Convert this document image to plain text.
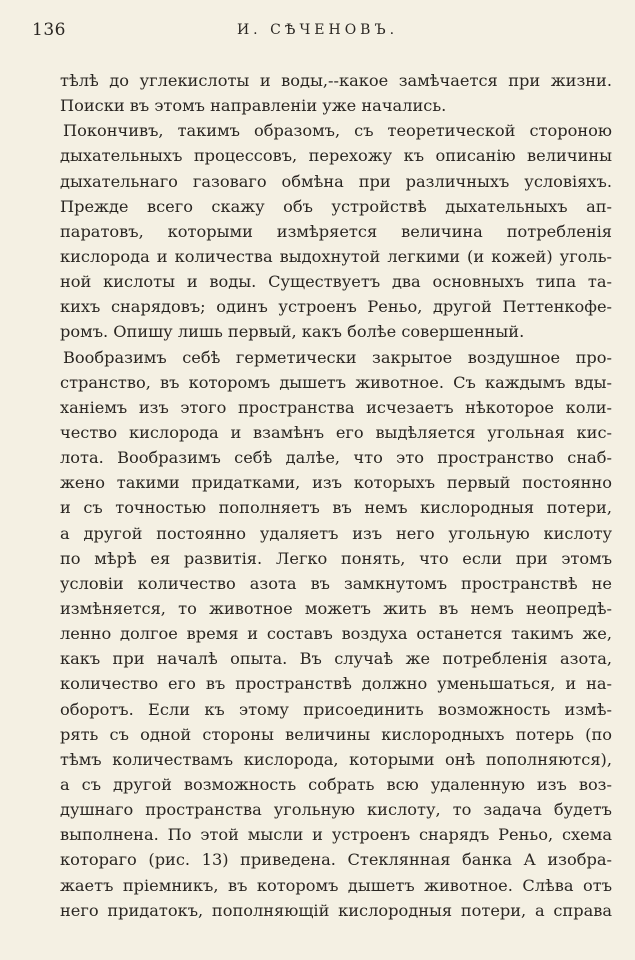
136	И. СѢЧЕНОВЪ.
тѣлѣ до углекислоты и воды,--какое замѣчается при жизни.
Поиски въ этомъ направленiи уже начались.
Покончивъ, такимъ образомъ, съ теоретической стороною
дыхательныхъ процессовъ, перехожу къ описанiю величины
дыхательнаго газоваго обмѣна при различныхъ условiяхъ.
Прежде всего скажу объ устройствѣ дыхательныхъ ап-
паратовъ, которыми измѣряется величина потребленiя
кислорода и количества выдохнутой легкими (и кожей) уголь-
ной кислоты и воды. Существуетъ два основныхъ типа та-
кихъ снарядовъ; одинъ устроенъ Реньо, другой Петтенкофе-
ромъ. Опишу лишь первый, какъ болѣе совершенный.
Вообразимъ себѣ герметически закрытое воздушное про-
странство, въ которомъ дышетъ животное. Съ каждымъ вды-
ханiемъ изъ этого пространства исчезаетъ нѣкоторое коли-
чество кислорода и взамѣнъ его выдѣляется угольная кис-
лота. Вообразимъ себѣ далѣе, что это пространство снаб-
жено такими придатками, изъ которыхъ первый постоянно
и съ точностью пополняетъ въ немъ кислородныя потери,
а другой постоянно удаляетъ изъ него угольную кислоту
по мѣрѣ ея развитiя. Легко понять, что если при этомъ
условiи количество азота въ замкнутомъ пространствѣ не
измѣняется, то животное можетъ жить въ немъ неопредѣ-
ленно долгое время и составъ воздуха останется такимъ же,
какъ при началѣ опыта. Въ случаѣ же потребленiя азота,
количество его въ пространствѣ должно уменьшаться, и на-
оборотъ. Если къ этому присоединить возможность измѣ-
рять съ одной стороны величины кислородныхъ потерь (по
тѣмъ количествамъ кислорода, которыми онѣ пополняются),
а съ другой возможность собрать всю удаленную изъ воз-
душнаго пространства угольную кислоту, то задача будетъ
выполнена. По этой мысли и устроенъ снарядъ Реньо, схема
котораго (рис. 13) приведена. Стеклянная банка А изобра-
жаетъ прiемникъ, въ которомъ дышетъ животное. Слѣва отъ
него придатокъ, пополняющiй кислородныя потери, а справа
